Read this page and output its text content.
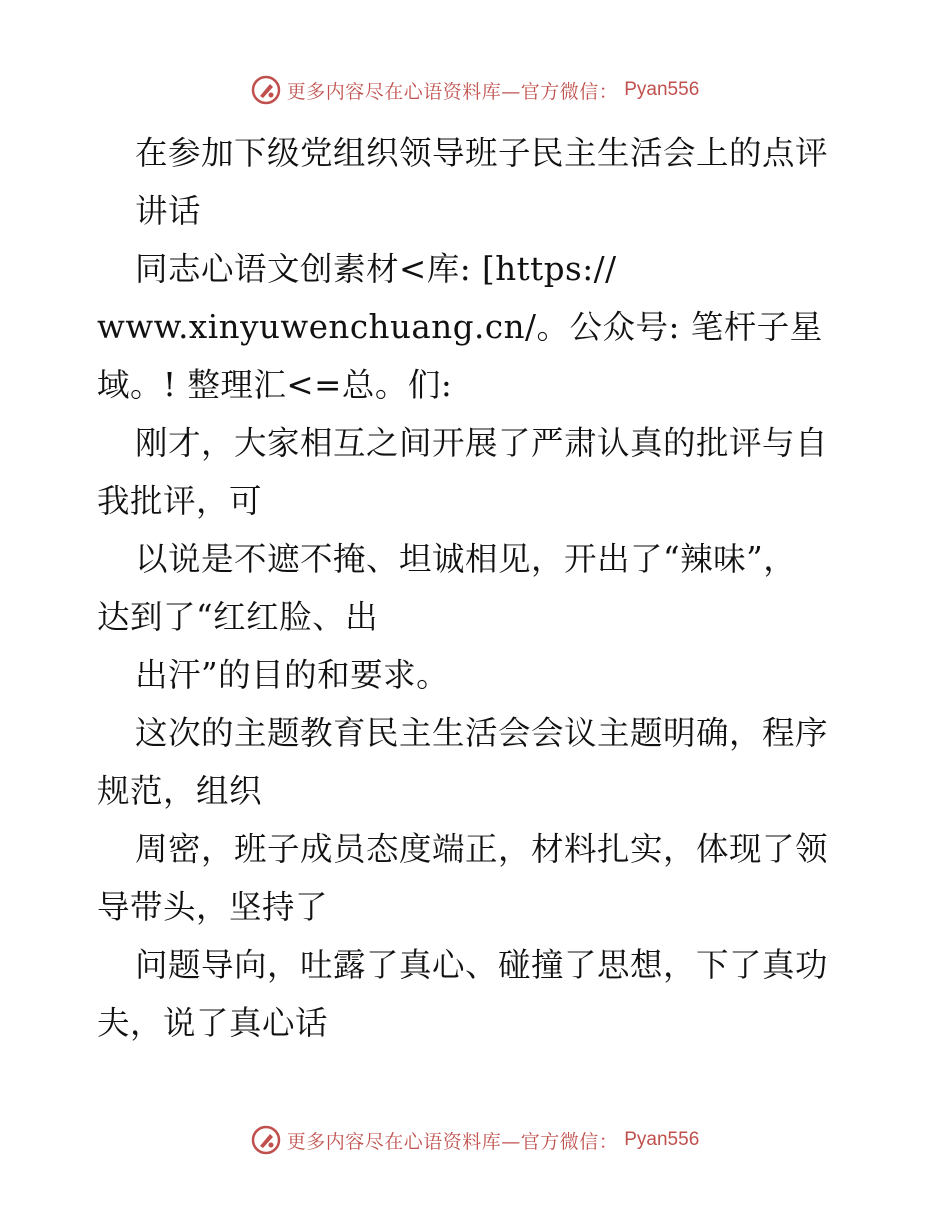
更多内容尽在心语资料库—官方微信： Pyan556
在参加下级党组织领导班子民主生活会上的点评
讲话
同志心语文创素材<库: [https://
www.xinyuwenchuang.cn/。公众号: 笔杆子星
域。! 整理汇<=总。们:
刚才，大家相互之间开展了严肃认真的批评与自
我批评，可
以说是不遮不掩、坦诚相见，开出了“辣味”，
达到了“红红脸、出
出汗”的目的和要求。
这次的主题教育民主生活会会议主题明确，程序
规范，组织
周密，班子成员态度端正，材料扎实，体现了领
导带头，坚持了
问题导向，吐露了真心、碰撞了思想，下了真功
夫，说了真心话
更多内容尽在心语资料库—官方微信： Pyan556
